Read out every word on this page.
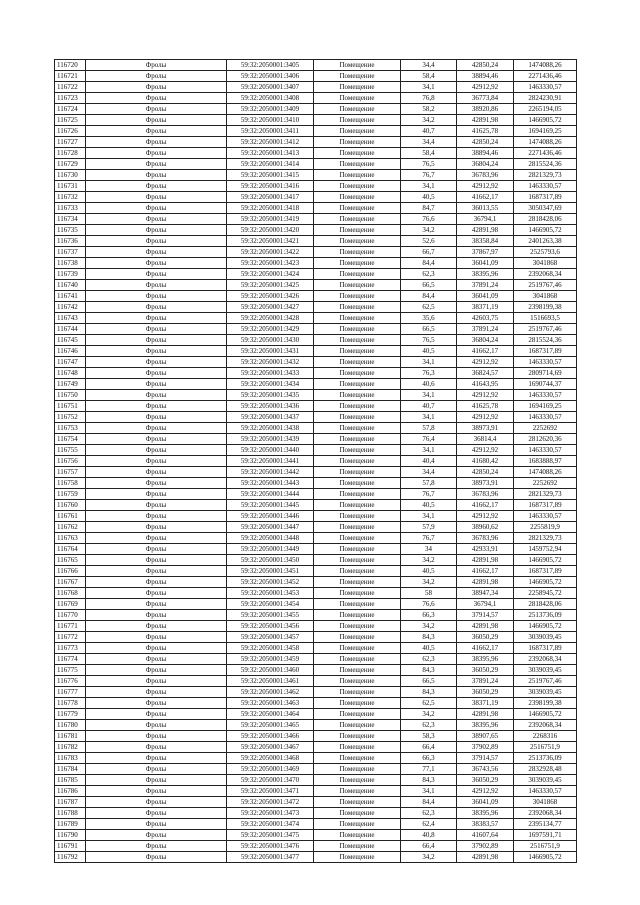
116720	Фролы	59:32:2050001:3405	Помещение	34,4	42850,24	1474088,26
116721	Фролы	59:32:2050001:3406	Помещение	58,4	38894,46	2271436,46
116722	Фролы	59:32:2050001:3407	Помещение	34,1	42912,92	1463330,57
116723	Фролы	59:32:2050001:3408	Помещение	76,8	36773,84	2824230,91
116724	Фролы	59:32:2050001:3409	Помещение	58,2	38920,86	2265194,05
116725	Фролы	59:32:2050001:3410	Помещение	34,2	42891,98	1466905,72
116726	Фролы	59:32:2050001:3411	Помещение	40,7	41625,78	1694169,25
116727	Фролы	59:32:2050001:3412	Помещение	34,4	42850,24	1474088,26
116728	Фролы	59:32:2050001:3413	Помещение	58,4	38894,46	2271436,46
116729	Фролы	59:32:2050001:3414	Помещение	76,5	36804,24	2815524,36
116730	Фролы	59:32:2050001:3415	Помещение	76,7	36783,96	2821329,73
116731	Фролы	59:32:2050001:3416	Помещение	34,1	42912,92	1463330,57
116732	Фролы	59:32:2050001:3417	Помещение	40,5	41662,17	1687317,89
116733	Фролы	59:32:2050001:3418	Помещение	84,7	36013,55	3050347,69
116734	Фролы	59:32:2050001:3419	Помещение	76,6	36794,1	2818428,06
116735	Фролы	59:32:2050001:3420	Помещение	34,2	42891,98	1466905,72
116736	Фролы	59:32:2050001:3421	Помещение	52,6	38358,84	2401263,38
116737	Фролы	59:32:2050001:3422	Помещение	66,7	37867,97	2525793,6
116738	Фролы	59:32:2050001:3423	Помещение	84,4	36041,09	3041868
116739	Фролы	59:32:2050001:3424	Помещение	62,3	38395,96	2392068,34
116740	Фролы	59:32:2050001:3425	Помещение	66,5	37891,24	2519767,46
116741	Фролы	59:32:2050001:3426	Помещение	84,4	36041,09	3041868
116742	Фролы	59:32:2050001:3427	Помещение	62,5	38371,19	2398199,38
116743	Фролы	59:32:2050001:3428	Помещение	35,6	42603,75	1516693,5
116744	Фролы	59:32:2050001:3429	Помещение	66,5	37891,24	2519767,46
116745	Фролы	59:32:2050001:3430	Помещение	76,5	36804,24	2815524,36
116746	Фролы	59:32:2050001:3431	Помещение	40,5	41662,17	1687317,89
116747	Фролы	59:32:2050001:3432	Помещение	34,1	42912,92	1463330,57
116748	Фролы	59:32:2050001:3433	Помещение	76,3	36824,57	2809714,69
116749	Фролы	59:32:2050001:3434	Помещение	40,6	41643,95	1690744,37
116750	Фролы	59:32:2050001:3435	Помещение	34,1	42912,92	1463330,57
116751	Фролы	59:32:2050001:3436	Помещение	40,7	41625,78	1694169,25
116752	Фролы	59:32:2050001:3437	Помещение	34,1	42912,92	1463330,57
116753	Фролы	59:32:2050001:3438	Помещение	57,8	38973,91	2252692
116754	Фролы	59:32:2050001:3439	Помещение	76,4	36814,4	2812620,36
116755	Фролы	59:32:2050001:3440	Помещение	34,1	42912,92	1463330,57
116756	Фролы	59:32:2050001:3441	Помещение	40,4	41680,42	1683888,97
116757	Фролы	59:32:2050001:3442	Помещение	34,4	42850,24	1474088,26
116758	Фролы	59:32:2050001:3443	Помещение	57,8	38973,91	2252692
116759	Фролы	59:32:2050001:3444	Помещение	76,7	36783,96	2821329,73
116760	Фролы	59:32:2050001:3445	Помещение	40,5	41662,17	1687317,89
116761	Фролы	59:32:2050001:3446	Помещение	34,1	42912,92	1463330,57
116762	Фролы	59:32:2050001:3447	Помещение	57,9	38960,62	2255819,9
116763	Фролы	59:32:2050001:3448	Помещение	76,7	36783,96	2821329,73
116764	Фролы	59:32:2050001:3449	Помещение	34	42933,91	1459752,94
116765	Фролы	59:32:2050001:3450	Помещение	34,2	42891,98	1466905,72
116766	Фролы	59:32:2050001:3451	Помещение	40,5	41662,17	1687317,89
116767	Фролы	59:32:2050001:3452	Помещение	34,2	42891,98	1466905,72
116768	Фролы	59:32:2050001:3453	Помещение	58	38947,34	2258945,72
116769	Фролы	59:32:2050001:3454	Помещение	76,6	36794,1	2818428,06
116770	Фролы	59:32:2050001:3455	Помещение	66,3	37914,57	2513736,09
116771	Фролы	59:32:2050001:3456	Помещение	34,2	42891,98	1466905,72
116772	Фролы	59:32:2050001:3457	Помещение	84,3	36050,29	3039039,45
116773	Фролы	59:32:2050001:3458	Помещение	40,5	41662,17	1687317,89
116774	Фролы	59:32:2050001:3459	Помещение	62,3	38395,96	2392068,34
116775	Фролы	59:32:2050001:3460	Помещение	84,3	36050,29	3039039,45
116776	Фролы	59:32:2050001:3461	Помещение	66,5	37891,24	2519767,46
116777	Фролы	59:32:2050001:3462	Помещение	84,3	36050,29	3039039,45
116778	Фролы	59:32:2050001:3463	Помещение	62,5	38371,19	2398199,38
116779	Фролы	59:32:2050001:3464	Помещение	34,2	42891,98	1466905,72
116780	Фролы	59:32:2050001:3465	Помещение	62,3	38395,96	2392068,34
116781	Фролы	59:32:2050001:3466	Помещение	58,3	38907,65	2268316
116782	Фролы	59:32:2050001:3467	Помещение	66,4	37902,89	2516751,9
116783	Фролы	59:32:2050001:3468	Помещение	66,3	37914,57	2513736,09
116784	Фролы	59:32:2050001:3469	Помещение	77,1	36743,56	2832928,48
116785	Фролы	59:32:2050001:3470	Помещение	84,3	36050,29	3039039,45
116786	Фролы	59:32:2050001:3471	Помещение	34,1	42912,92	1463330,57
116787	Фролы	59:32:2050001:3472	Помещение	84,4	36041,09	3041868
116788	Фролы	59:32:2050001:3473	Помещение	62,3	38395,96	2392068,34
116789	Фролы	59:32:2050001:3474	Помещение	62,4	38383,57	2395134,77
116790	Фролы	59:32:2050001:3475	Помещение	40,8	41607,64	1697591,71
116791	Фролы	59:32:2050001:3476	Помещение	66,4	37902,89	2516751,9
116792	Фролы	59:32:2050001:3477	Помещение	34,2	42891,98	1466905,72
